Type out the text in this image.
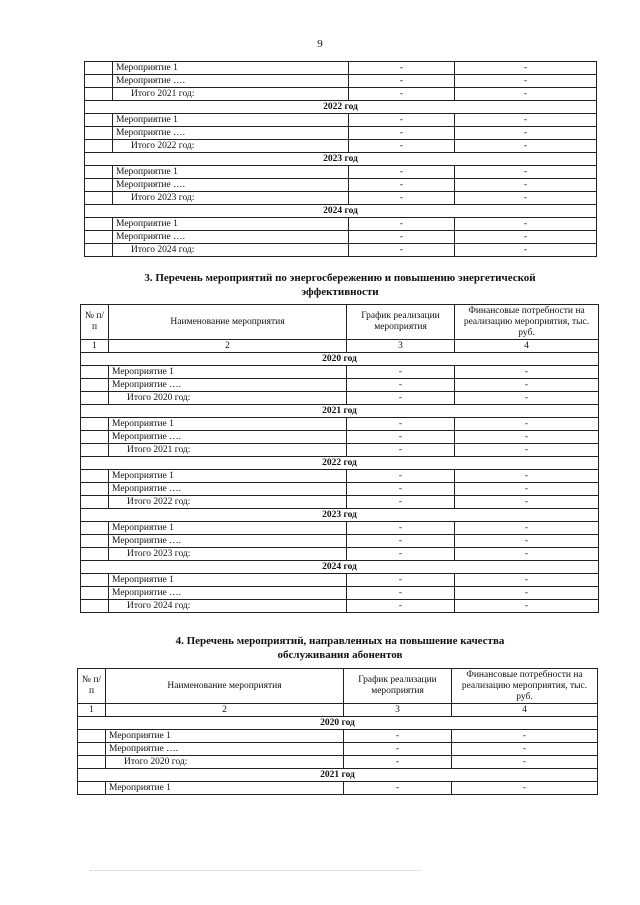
9
	Мероприятие 1	-	-
	Мероприятие ….	-	-
	Итого 2021 год:	-	-
2022 год			
	Мероприятие 1	-	-
	Мероприятие ….	-	-
	Итого 2022 год:	-	-
2023 год			
	Мероприятие 1	-	-
	Мероприятие ….	-	-
	Итого 2023 год:	-	-
2024 год			
	Мероприятие 1	-	-
	Мероприятие ….	-	-
	Итого 2024 год:	-	-
3. Перечень мероприятий по энергосбережению и повышению энергетической
эффективности
№ п/п	Наименование мероприятия	График реализации мероприятия	Финансовые потребности на реализацию мероприятия, тыс. руб.
1	2	3	4
2020 год			
	Мероприятие 1	-	-
	Мероприятие ….	-	-
	Итого 2020 год:	-	-
2021 год			
	Мероприятие 1	-	-
	Мероприятие ….	-	-
	Итого 2021 год:	-	-
2022 год			
	Мероприятие 1	-	-
	Мероприятие ….	-	-
	Итого 2022 год:	-	-
2023 год			
	Мероприятие 1	-	-
	Мероприятие ….	-	-
	Итого 2023 год:	-	-
2024 год			
	Мероприятие 1	-	-
	Мероприятие ….	-	-
	Итого 2024 год:	-	-
4. Перечень мероприятий, направленных на повышение качества
обслуживания абонентов
№ п/п	Наименование мероприятия	График реализации мероприятия	Финансовые потребности на реализацию мероприятия, тыс. руб.
1	2	3	4
2020 год			
	Мероприятие 1	-	-
	Мероприятие ….	-	-
	Итого 2020 год:	-	-
2021 год			
	Мероприятие 1	-	-
